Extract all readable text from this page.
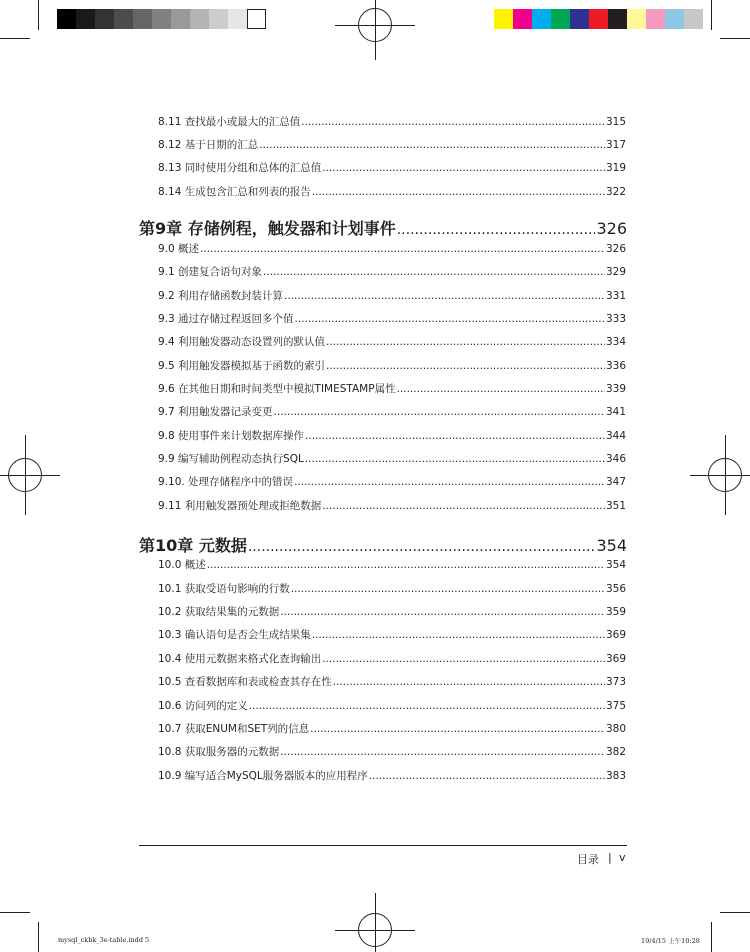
8.11 查找最小或最大的汇总值 .....	315
8.12 基于日期的汇总 .....	317
8.13 同时使用分组和总体的汇总值 .....	319
8.14 生成包含汇总和列表的报告 .....	322
第9章 存储例程，触发器和计划事件 .....	326
9.0 概述 .....	326
9.1 创建复合语句对象 .....	329
9.2 利用存储函数封装计算 .....	331
9.3 通过存储过程返回多个值 .....	333
9.4 利用触发器动态设置列的默认值 .....	334
9.5 利用触发器模拟基于函数的索引 .....	336
9.6 在其他日期和时间类型中模拟TIMESTAMP属性 .....	339
9.7 利用触发器记录变更 .....	341
9.8 使用事件来计划数据库操作 .....	344
9.9 编写辅助例程动态执行SQL .....	346
9.10. 处理存储程序中的错误 .....	347
9.11 利用触发器预处理或拒绝数据 .....	351
第10章 元数据 .....	354
10.0 概述 .....	354
10.1 获取受语句影响的行数 .....	356
10.2 获取结果集的元数据 .....	359
10.3 确认语句是否会生成结果集 .....	369
10.4 使用元数据来格式化查询输出 .....	369
10.5 查看数据库和表或检查其存在性 .....	373
10.6 访问列的定义 .....	375
10.7 获取ENUM和SET列的信息 .....	380
10.8 获取服务器的元数据 .....	382
10.9 编写适合MySQL服务器版本的应用程序 .....	383
目录 | v
mysql_ckbk_3e-table.indd 5	19/4/15 上午10:28
